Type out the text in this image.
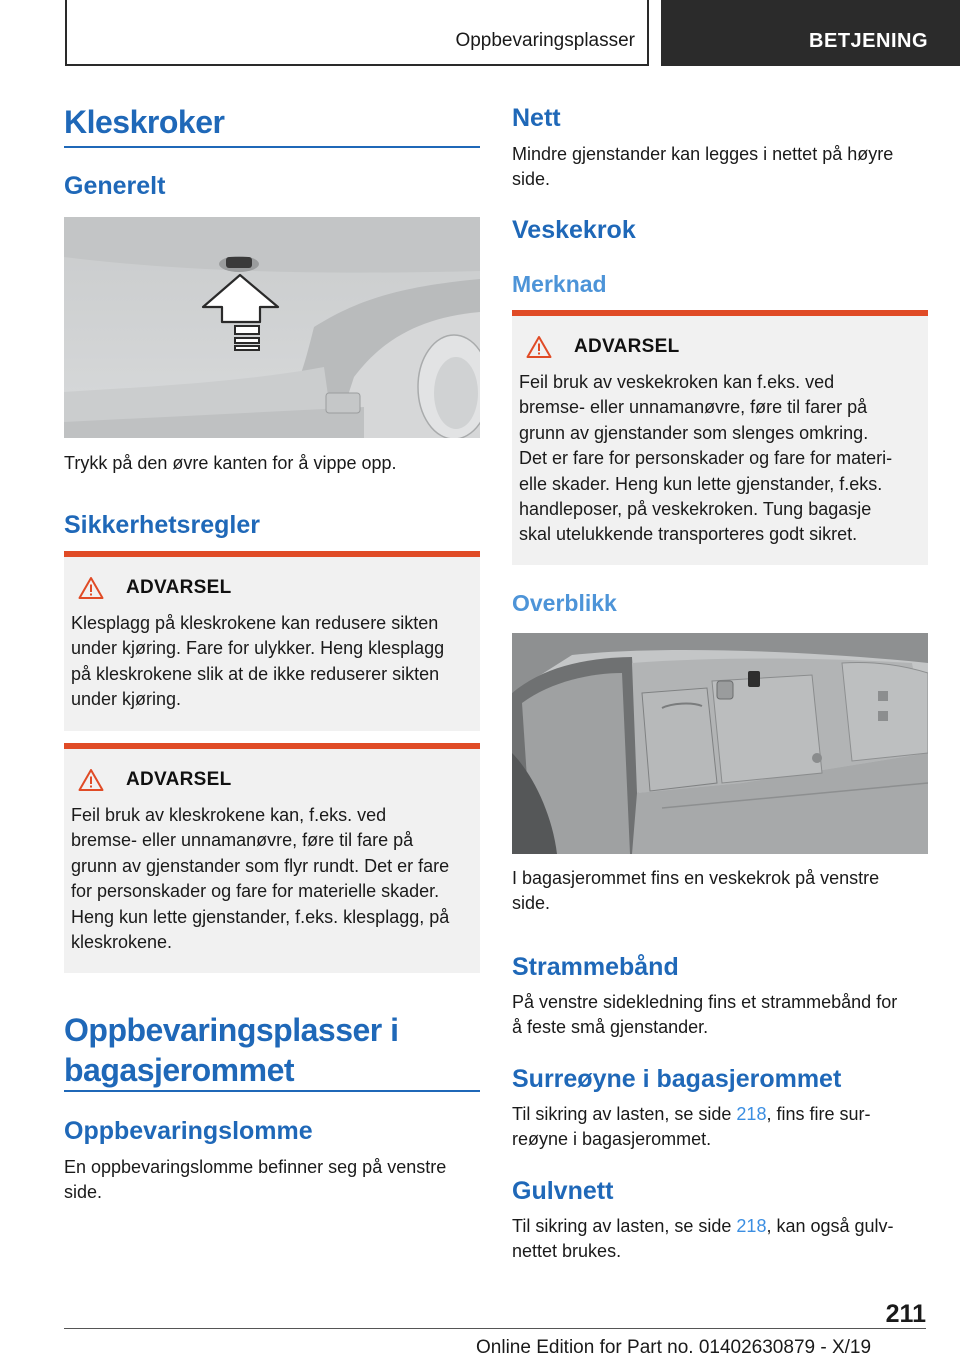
Oppbevaringsplasser	BETJENING
Kleskroker
Generelt
Trykk på den øvre kanten for å vippe opp.
Sikkerhetsregler
ADVARSEL
Klesplagg på kleskrokene kan redusere sikten
under kjøring. Fare for ulykker. Heng klesplagg
på kleskrokene slik at de ikke reduserer sikten
under kjøring.
ADVARSEL
Feil bruk av kleskrokene kan, f.eks. ved
bremse- eller unnamanøvre, føre til fare på
grunn av gjenstander som flyr rundt. Det er fare
for personskader og fare for materielle skader.
Heng kun lette gjenstander, f.eks. klesplagg, på
kleskrokene.
Oppbevaringsplasser i
bagasjerommet
Oppbevaringslomme
En oppbevaringslomme befinner seg på venstre
side.
Nett
Mindre gjenstander kan legges i nettet på høyre
side.
Veskekrok
Merknad
ADVARSEL
Feil bruk av veskekroken kan f.eks. ved
bremse- eller unnamanøvre, føre til farer på
grunn av gjenstander som slenges omkring.
Det er fare for personskader og fare for materi-
elle skader. Heng kun lette gjenstander, f.eks.
handleposer, på veskekroken. Tung bagasje
skal utelukkende transporteres godt sikret.
Overblikk
I bagasjerommet fins en veskekrok på venstre
side.
Strammebånd
På venstre sidekledning fins et strammebånd for
å feste små gjenstander.
Surreøyne i bagasjerommet
Til sikring av lasten, se side 218, fins fire sur-
reøyne i bagasjerommet.
Gulvnett
Til sikring av lasten, se side 218, kan også gulv-
nettet brukes.
211
Online Edition for Part no. 01402630879 - X/19
